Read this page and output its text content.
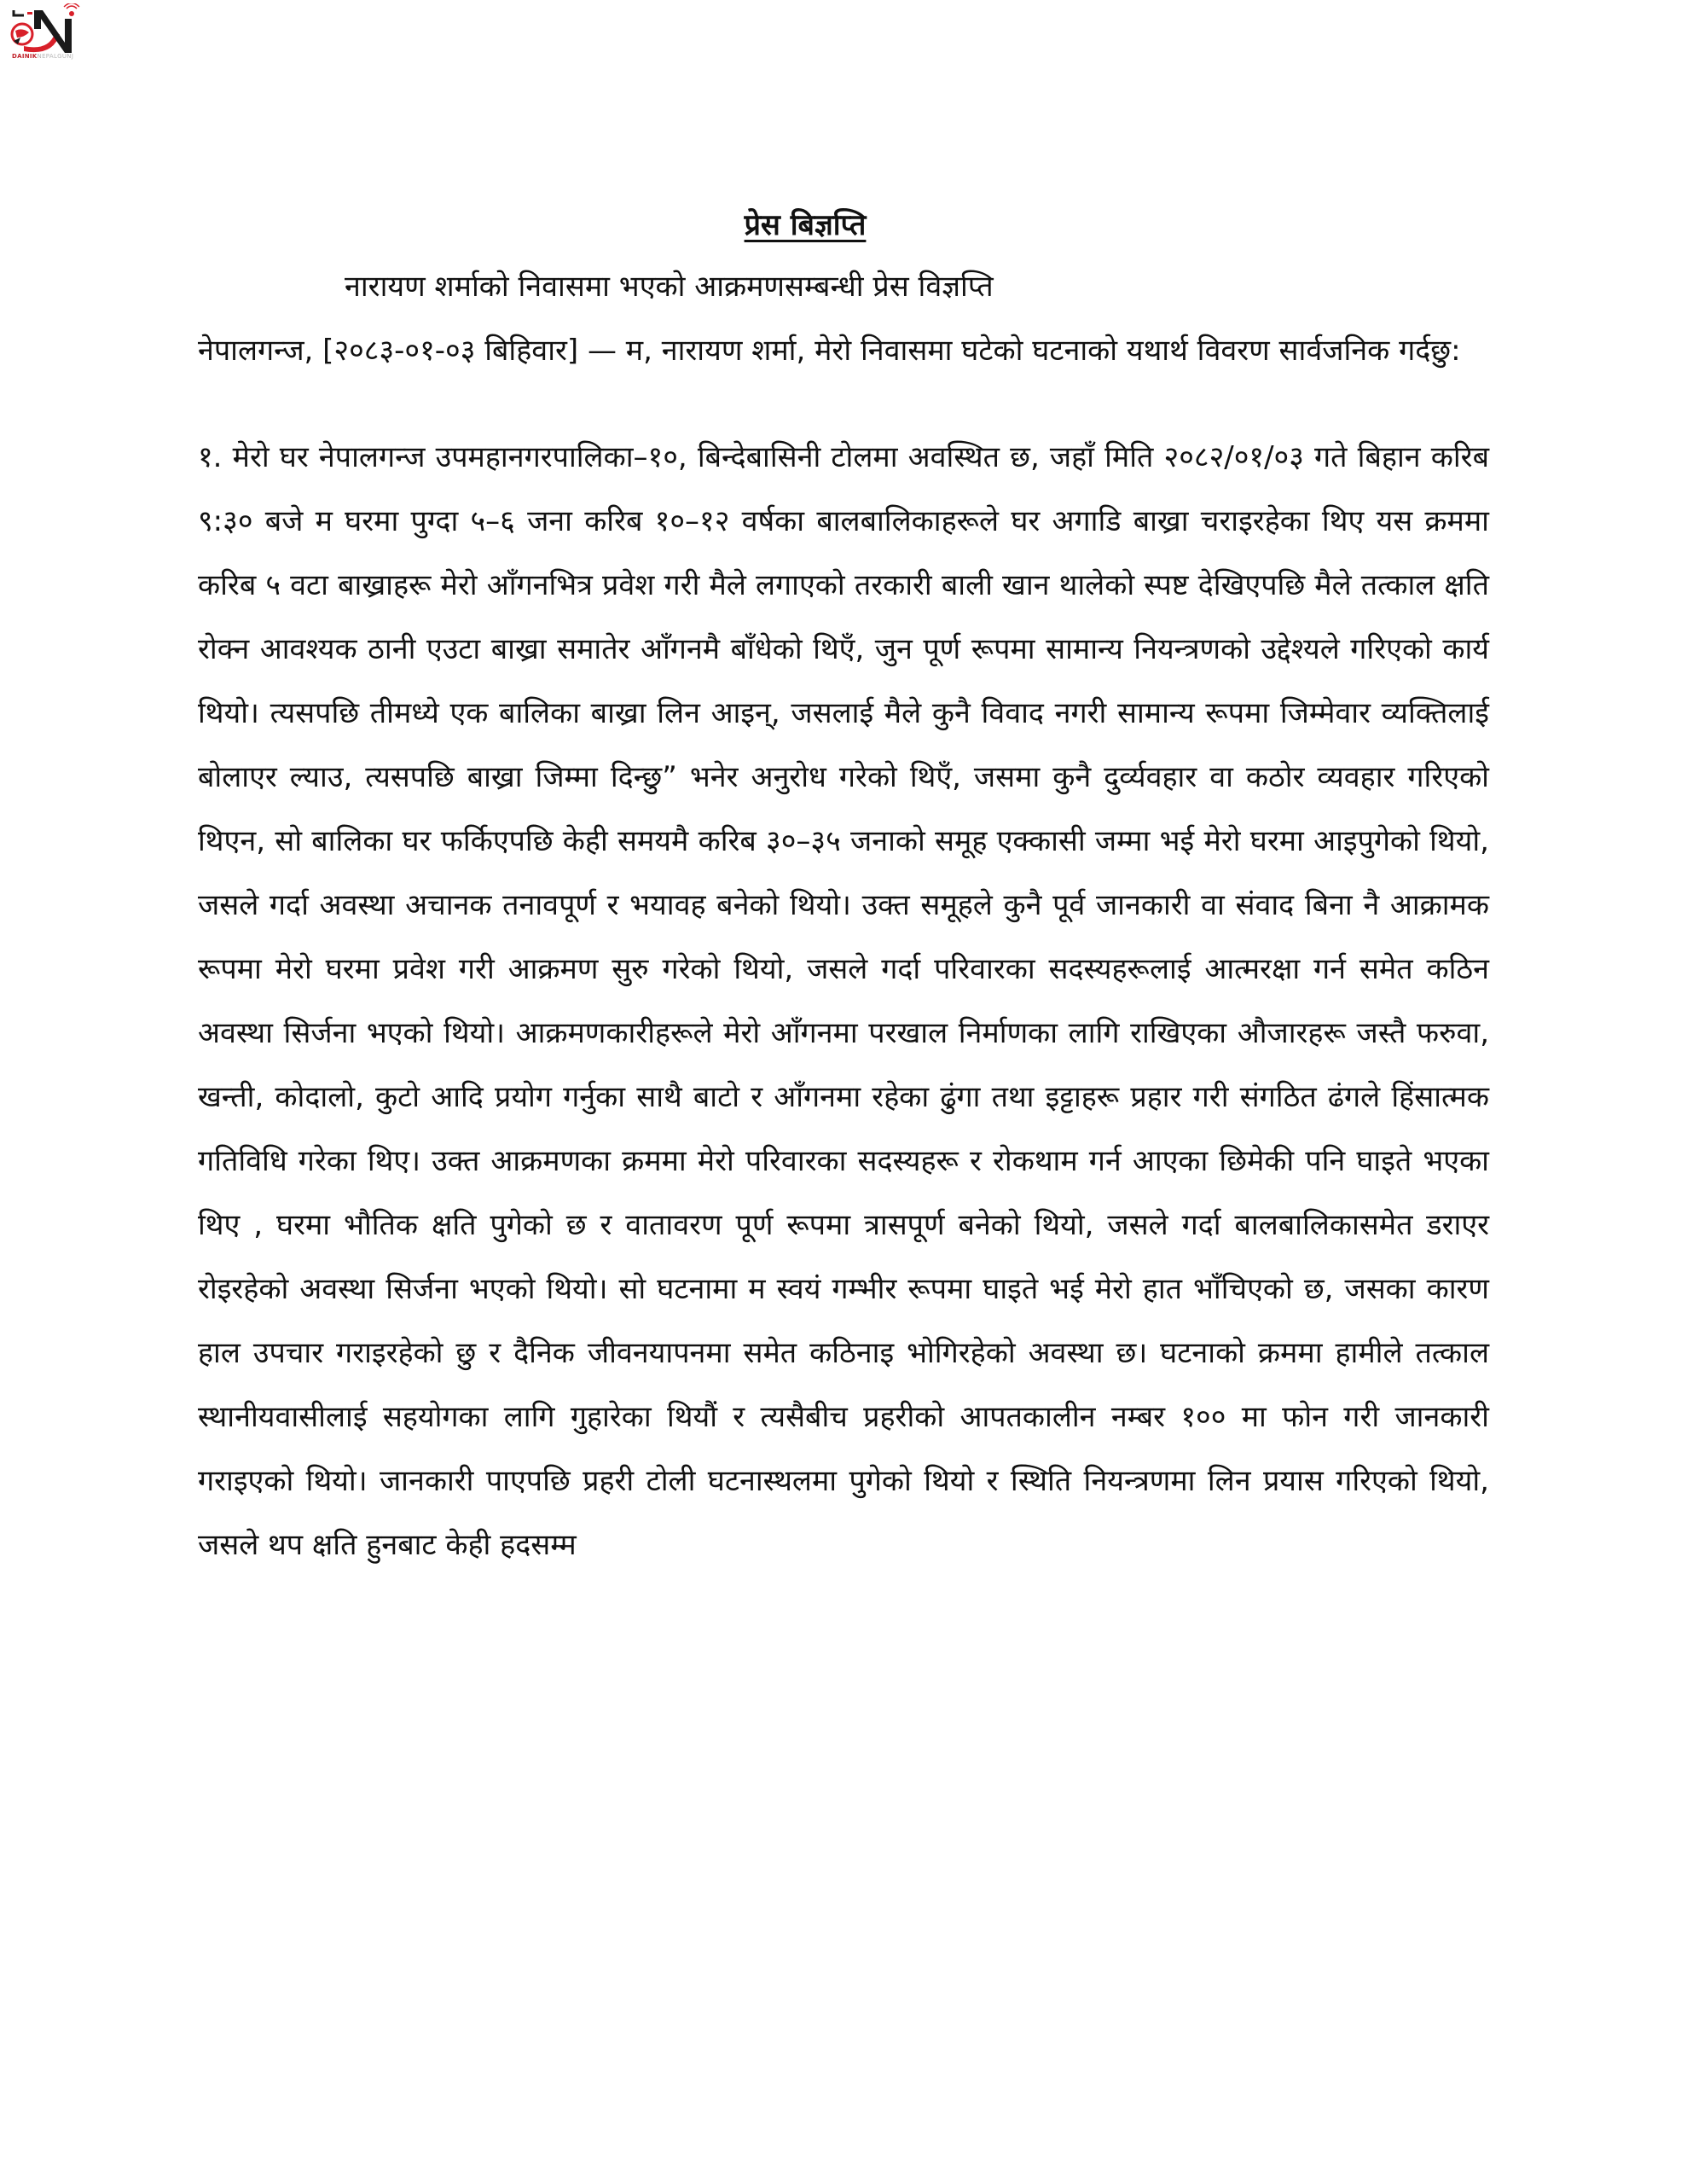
DAINIKNEPALGUNJ
प्रेस बिज्ञप्ति
नारायण शर्माको निवासमा भएको आक्रमणसम्बन्धी प्रेस विज्ञप्ति

नेपालगन्ज, [२०८३-०१-०३ बिहिवार] — म, नारायण शर्मा, मेरो निवासमा घटेको घटनाको यथार्थ विवरण सार्वजनिक गर्दछु:

१. मेरो घर नेपालगन्ज उपमहानगरपालिका–१०, बिन्देबासिनी टोलमा अवस्थित छ, जहाँ मिति २०८२/०१/०३ गते बिहान करिब ९:३० बजे म घरमा पुग्दा ५–६ जना करिब १०–१२ वर्षका बालबालिकाहरूले घर अगाडि बाख्रा चराइरहेका थिए यस क्रममा करिब ५ वटा बाख्राहरू मेरो आँगनभित्र प्रवेश गरी मैले लगाएको तरकारी बाली खान थालेको स्पष्ट देखिएपछि मैले तत्काल क्षति रोक्न आवश्यक ठानी एउटा बाख्रा समातेर आँगनमै बाँधेको थिएँ, जुन पूर्ण रूपमा सामान्य नियन्त्रणको उद्देश्यले गरिएको कार्य थियो। त्यसपछि तीमध्ये एक बालिका बाख्रा लिन आइन्, जसलाई मैले कुनै विवाद नगरी सामान्य रूपमा जिम्मेवार व्यक्तिलाई बोलाएर ल्याउ, त्यसपछि बाख्रा जिम्मा दिन्छु” भनेर अनुरोध गरेको थिएँ, जसमा कुनै दुर्व्यवहार वा कठोर व्यवहार गरिएको थिएन, सो बालिका घर फर्किएपछि केही समयमै करिब ३०–३५ जनाको समूह एक्कासी जम्मा भई मेरो घरमा आइपुगेको थियो, जसले गर्दा अवस्था अचानक तनावपूर्ण र भयावह बनेको थियो। उक्त समूहले कुनै पूर्व जानकारी वा संवाद बिना नै आक्रामक रूपमा मेरो घरमा प्रवेश गरी आक्रमण सुरु गरेको थियो, जसले गर्दा परिवारका सदस्यहरूलाई आत्मरक्षा गर्न समेत कठिन अवस्था सिर्जना भएको थियो। आक्रमणकारीहरूले मेरो आँगनमा परखाल निर्माणका लागि राखिएका औजारहरू जस्तै फरुवा, खन्ती, कोदालो, कुटो आदि प्रयोग गर्नुका साथै बाटो र आँगनमा रहेका ढुंगा तथा इट्टाहरू प्रहार गरी संगठित ढंगले हिंसात्मक गतिविधि गरेका थिए। उक्त आक्रमणका क्रममा मेरो परिवारका सदस्यहरू र रोकथाम गर्न आएका छिमेकी पनि घाइते भएका थिए , घरमा भौतिक क्षति पुगेको छ र वातावरण पूर्ण रूपमा त्रासपूर्ण बनेको थियो, जसले गर्दा बालबालिकासमेत डराएर रोइरहेको अवस्था सिर्जना भएको थियो। सो घटनामा म स्वयं गम्भीर रूपमा घाइते भई मेरो हात भाँचिएको छ, जसका कारण हाल उपचार गराइरहेको छु र दैनिक जीवनयापनमा समेत कठिनाइ भोगिरहेको अवस्था छ। घटनाको क्रममा हामीले तत्काल स्थानीयवासीलाई सहयोगका लागि गुहारेका थियौं र त्यसैबीच प्रहरीको आपतकालीन नम्बर १०० मा फोन गरी जानकारी गराइएको थियो। जानकारी पाएपछि प्रहरी टोली घटनास्थलमा पुगेको थियो र स्थिति नियन्त्रणमा लिन प्रयास गरिएको थियो, जसले थप क्षति हुनबाट केही हदसम्म
